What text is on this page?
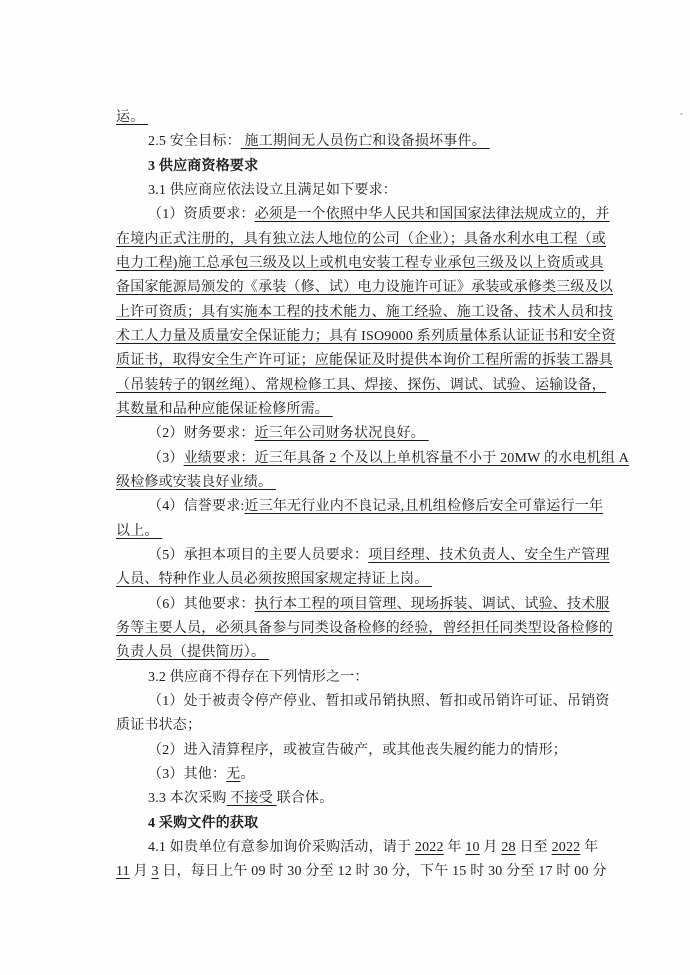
运。
2.5 安全目标： 施工期间无人员伤亡和设备损坏事件。
3 供应商资格要求
3.1 供应商应依法设立且满足如下要求：
（1）资质要求：必须是一个依照中华人民共和国国家法律法规成立的，并
在境内正式注册的，具有独立法人地位的公司（企业）；具备水利水电工程（或
电力工程)施工总承包三级及以上或机电安装工程专业承包三级及以上资质或具
备国家能源局颁发的《承装（修、试）电力设施许可证》承装或承修类三级及以
上许可资质；具有实施本工程的技术能力、施工经验、施工设备、技术人员和技
术工人力量及质量安全保证能力；具有 ISO9000 系列质量体系认证证书和安全资
质证书，取得安全生产许可证；应能保证及时提供本询价工程所需的拆装工器具
（吊装转子的钢丝绳）、常规检修工具、焊接、探伤、调试、试验、运输设备，
其数量和品种应能保证检修所需。
（2）财务要求：近三年公司财务状况良好。
（3）业绩要求：近三年具备 2 个及以上单机容量不小于 20MW 的水电机组 A
级检修或安装良好业绩。
（4）信誉要求:近三年无行业内不良记录,且机组检修后安全可靠运行一年
以上。
（5）承担本项目的主要人员要求：项目经理、技术负责人、安全生产管理
人员、特种作业人员必须按照国家规定持证上岗。
（6）其他要求：执行本工程的项目管理、现场拆装、调试、试验、技术服
务等主要人员，必须具备参与同类设备检修的经验，曾经担任同类型设备检修的
负责人员（提供简历）。
3.2 供应商不得存在下列情形之一：
（1）处于被责令停产停业、暂扣或吊销执照、暂扣或吊销许可证、吊销资
质证书状态；
（2）进入清算程序，或被宣告破产，或其他丧失履约能力的情形；
（3）其他：无。
3.3 本次采购 不接受 联合体。
4 采购文件的获取
4.1 如贵单位有意参加询价采购活动，请于 2022 年 10 月 28 日至 2022 年
11 月 3 日，每日上午 09 时 30 分至 12 时 30 分，下午 15 时 30 分至 17 时 00 分
